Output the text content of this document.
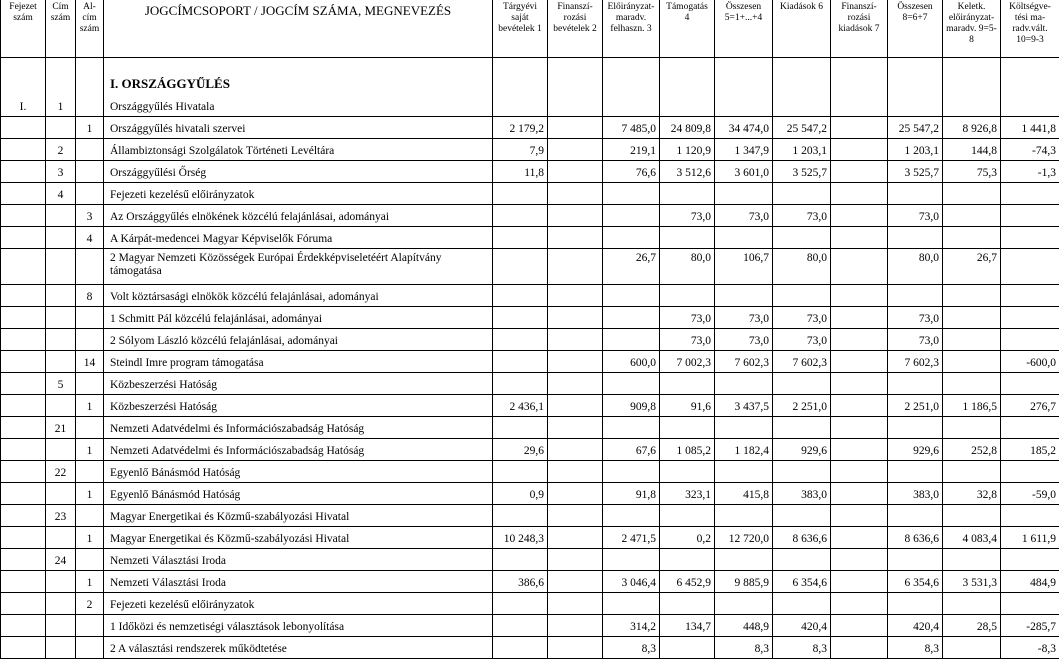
Fejezet szám	Cím szám	Al- cím szám	JOGCÍMCSOPORT / JOGCÍM SZÁMA, MEGNEVEZÉS	Tárgyévi saját bevételek 1	Finanszí- rozási bevételek 2	Előirányzat- maradv. felhaszn. 3	Támogatás 4	Összesen 5=1+...+4	Kiadások 6	Finanszí- rozási kiadások 7	Összesen 8=6+7	Keletk. előirányzat- maradv. 9=5-8	Költségve- tési ma- radv.vált. 10=9-3
			I. ORSZÁGGYŰLÉS										
I.	1		Országgyűlés Hivatala										
		1	Országgyűlés hivatali szervei	2 179,2		7 485,0	24 809,8	34 474,0	25 547,2		25 547,2	8 926,8	1 441,8
	2		Állambiztonsági Szolgálatok Történeti Levéltára	7,9		219,1	1 120,9	1 347,9	1 203,1		1 203,1	144,8	-74,3
	3		Országgyűlési Őrség	11,8		76,6	3 512,6	3 601,0	3 525,7		3 525,7	75,3	-1,3
	4		Fejezeti kezelésű előirányzatok										
		3	Az Országgyűlés elnökének közcélú felajánlásai, adományai				73,0	73,0	73,0		73,0		
		4	A Kárpát-medencei Magyar Képviselők Fóruma										
			2 Magyar Nemzeti Közösségek Európai Érdekképviseletéért Alapítvány támogatása			26,7	80,0	106,7	80,0		80,0	26,7	
		8	Volt köztársasági elnökök közcélú felajánlásai, adományai										
			1 Schmitt Pál közcélú felajánlásai, adományai				73,0	73,0	73,0		73,0		
			2 Sólyom László közcélú felajánlásai, adományai				73,0	73,0	73,0		73,0		
		14	Steindl Imre program támogatása			600,0	7 002,3	7 602,3	7 602,3		7 602,3		-600,0
	5		Közbeszerzési Hatóság										
		1	Közbeszerzési Hatóság	2 436,1		909,8	91,6	3 437,5	2 251,0		2 251,0	1 186,5	276,7
	21		Nemzeti Adatvédelmi és Információszabadság Hatóság										
		1	Nemzeti Adatvédelmi és Információszabadság Hatóság	29,6		67,6	1 085,2	1 182,4	929,6		929,6	252,8	185,2
	22		Egyenlő Bánásmód Hatóság										
		1	Egyenlő Bánásmód Hatóság	0,9		91,8	323,1	415,8	383,0		383,0	32,8	-59,0
	23		Magyar Energetikai és Közmű-szabályozási Hivatal										
		1	Magyar Energetikai és Közmű-szabályozási Hivatal	10 248,3		2 471,5	0,2	12 720,0	8 636,6		8 636,6	4 083,4	1 611,9
	24		Nemzeti Választási Iroda										
		1	Nemzeti Választási Iroda	386,6		3 046,4	6 452,9	9 885,9	6 354,6		6 354,6	3 531,3	484,9
		2	Fejezeti kezelésű előirányzatok										
			1 Időközi és nemzetiségi választások lebonyolítása			314,2	134,7	448,9	420,4		420,4	28,5	-285,7
			2 A választási rendszerek működtetése			8,3		8,3	8,3		8,3		-8,3
